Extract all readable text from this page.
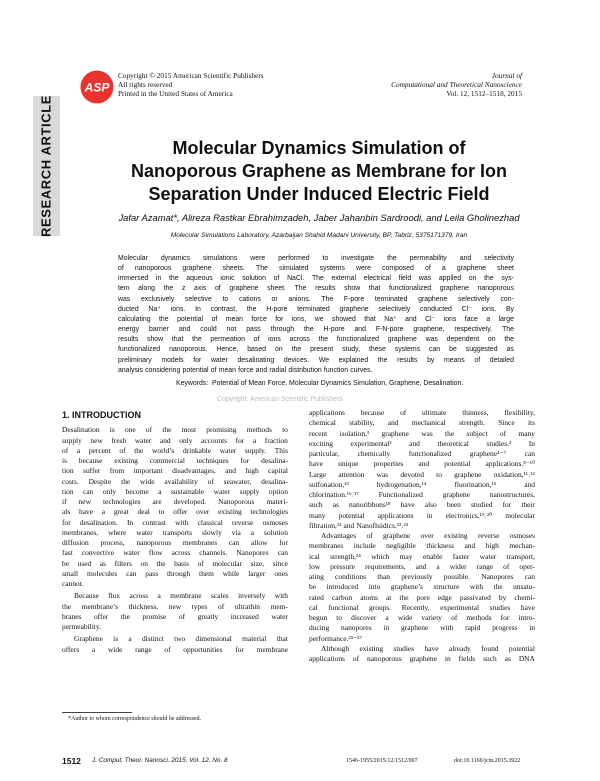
RESEARCH ARTICLE
ASP
Copyright © 2015 American Scientific Publishers
All rights reserved
Printed in the United States of America
Journal of
Computational and Theoretical Nanoscience
Vol. 12, 1512–1518, 2015
Molecular Dynamics Simulation of
Nanoporous Graphene as Membrane for Ion
Separation Under Induced Electric Field
Jafar Azamat*, Alireza Rastkar Ebrahimzadeh, Jaber Jahanbin Sardroodi, and Leila Gholinezhad
Molecular Simulations Laboratory, Azarbaijan Shahid Madani University, BP, Tabriz, 5375171379, Iran
Molecular dynamics simulations were performed to investigate the permeability and selectivity
of nanoporous graphene sheets. The simulated systems were composed of a graphene sheet
immersed in the aqueous ionic solution of NaCl. The external electrical field was applied on the sys-
tem along the z axis of graphene sheet. The results show that functionalized graphene nanoporous
was exclusively selective to cations or anions. The F-pore terminated graphene selectively con-
ducted Na⁺ ions. In contrast, the H-pore terminated graphene selectively conducted Cl⁻ ions. By
calculating the potential of mean force for ions, we showed that Na⁺ and Cl⁻ ions face a large
energy barrier and could not pass through the H-pore and F-N-pore graphene, respectively. The
results show that the permeation of ions across the functionalized graphene was dependent on the
functionalized nanoporous. Hence, based on the present study, these systems can be suggested as
preliminary models for water desalinating devices. We explained the results by means of detailed
analysis considering potential of mean force and radial distribution function curves.
Keywords: Potential of Mean Force, Molecular Dynamics Simulation, Graphene, Desalination.
Copyright: American Scientific Publishers
1. INTRODUCTION
Desalination is one of the most promising methods to
supply new fresh water and only accounts for a fraction
of a percent of the world’s drinkable water supply. This
is because existing commercial techniques for desalina-
tion suffer from important disadvantages, and high capital
costs. Despite the wide availability of seawater, desalina-
tion can only become a sustainable water supply option
if new technologies are developed. Nanoporous materi-
als have a great deal to offer over existing technologies
for desalination. In contrast with classical reverse osmoses
membranes, where water transports slowly via a solution
diffusion process, nanoporous membranes can allow for
fast convective water flow across channels. Nanopores can
be used as filters on the basis of molecular size, since
small molecules can pass through them while larger ones
cannot.
Because flux across a membrane scales inversely with
the membrane’s thickness, new types of ultrathin mem-
branes offer the promise of greatly increased water
permeability.
Graphene is a distinct two dimensional material that
offers a wide range of opportunities for membrane
applications because of ultimate thinness, flexibility,
chemical stability, and mechanical strength. Since its
recent isolation,¹ graphene was the subject of many
exciting experimental² and theoretical studies.³ In
particular, chemically functionalized graphene⁴⁻⁷ can
have unique properties and potential applications.⁸⁻¹⁰
Large attention was devoted to graphene oxidation,¹¹˒¹²
sulfonation,¹³	hydrogenation,¹⁴	fluorination,¹⁵	and
chlorination.¹⁶˒¹⁷	Functionalized	graphene	nanostructures,
such as nanoribbons¹⁸ have also been studied for their
many potential applications in electronics,¹⁹˒²⁰ molecular
filtration,²¹ and Nanofluidics.²²˒²³
Advantages of graphene over existing reverse osmoses
membranes include negligible thickness and high mechan-
ical strength,²⁴ which may enable faster water transport,
low pressure requirements, and a wider range of oper-
ating conditions than previously possible. Nanopores can
be introduced into graphene’s structure with the unsatu-
rated carbon atoms at the pore edge passivated by chemi-
cal functional groups. Recently, experimental studies have
begun to discover a wide variety of methods for intro-
ducing nanopores in graphene with rapid progress in
performance.²⁵⁻²⁷
Although existing studies have already found potential
applications of nanoporous graphene in fields such as DNA
*Author to whom correspondence should be addressed.
1512 J. Comput. Theor. Nanosci. 2015, Vol. 12, No. 8	1546-1955/2015/12/1512/007	doi:10.1166/jctn.2015.3922
